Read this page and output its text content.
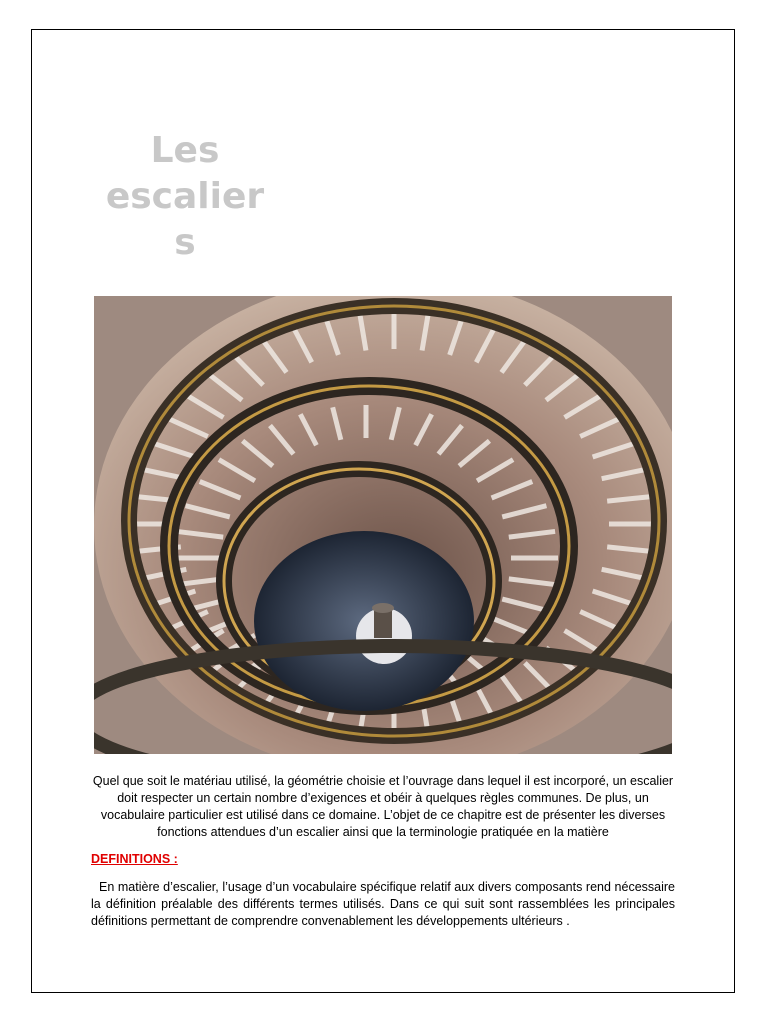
Les
escalier
s
Quel que soit le matériau utilisé, la géométrie choisie et l’ouvrage dans lequel il est incorporé, un escalier doit respecter un certain nombre d’exigences et obéir à quelques règles communes. De plus, un vocabulaire particulier est utilisé dans ce domaine. L’objet de ce chapitre est de présenter les diverses fonctions attendues d’un escalier ainsi que la terminologie pratiquée en la matière
DEFINITIONS :
En matière d’escalier, l’usage d’un vocabulaire spécifique relatif aux divers composants rend nécessaire la définition préalable des différents termes utilisés. Dans ce qui suit sont rassemblées les principales définitions permettant de comprendre convenablement les développements ultérieurs .
